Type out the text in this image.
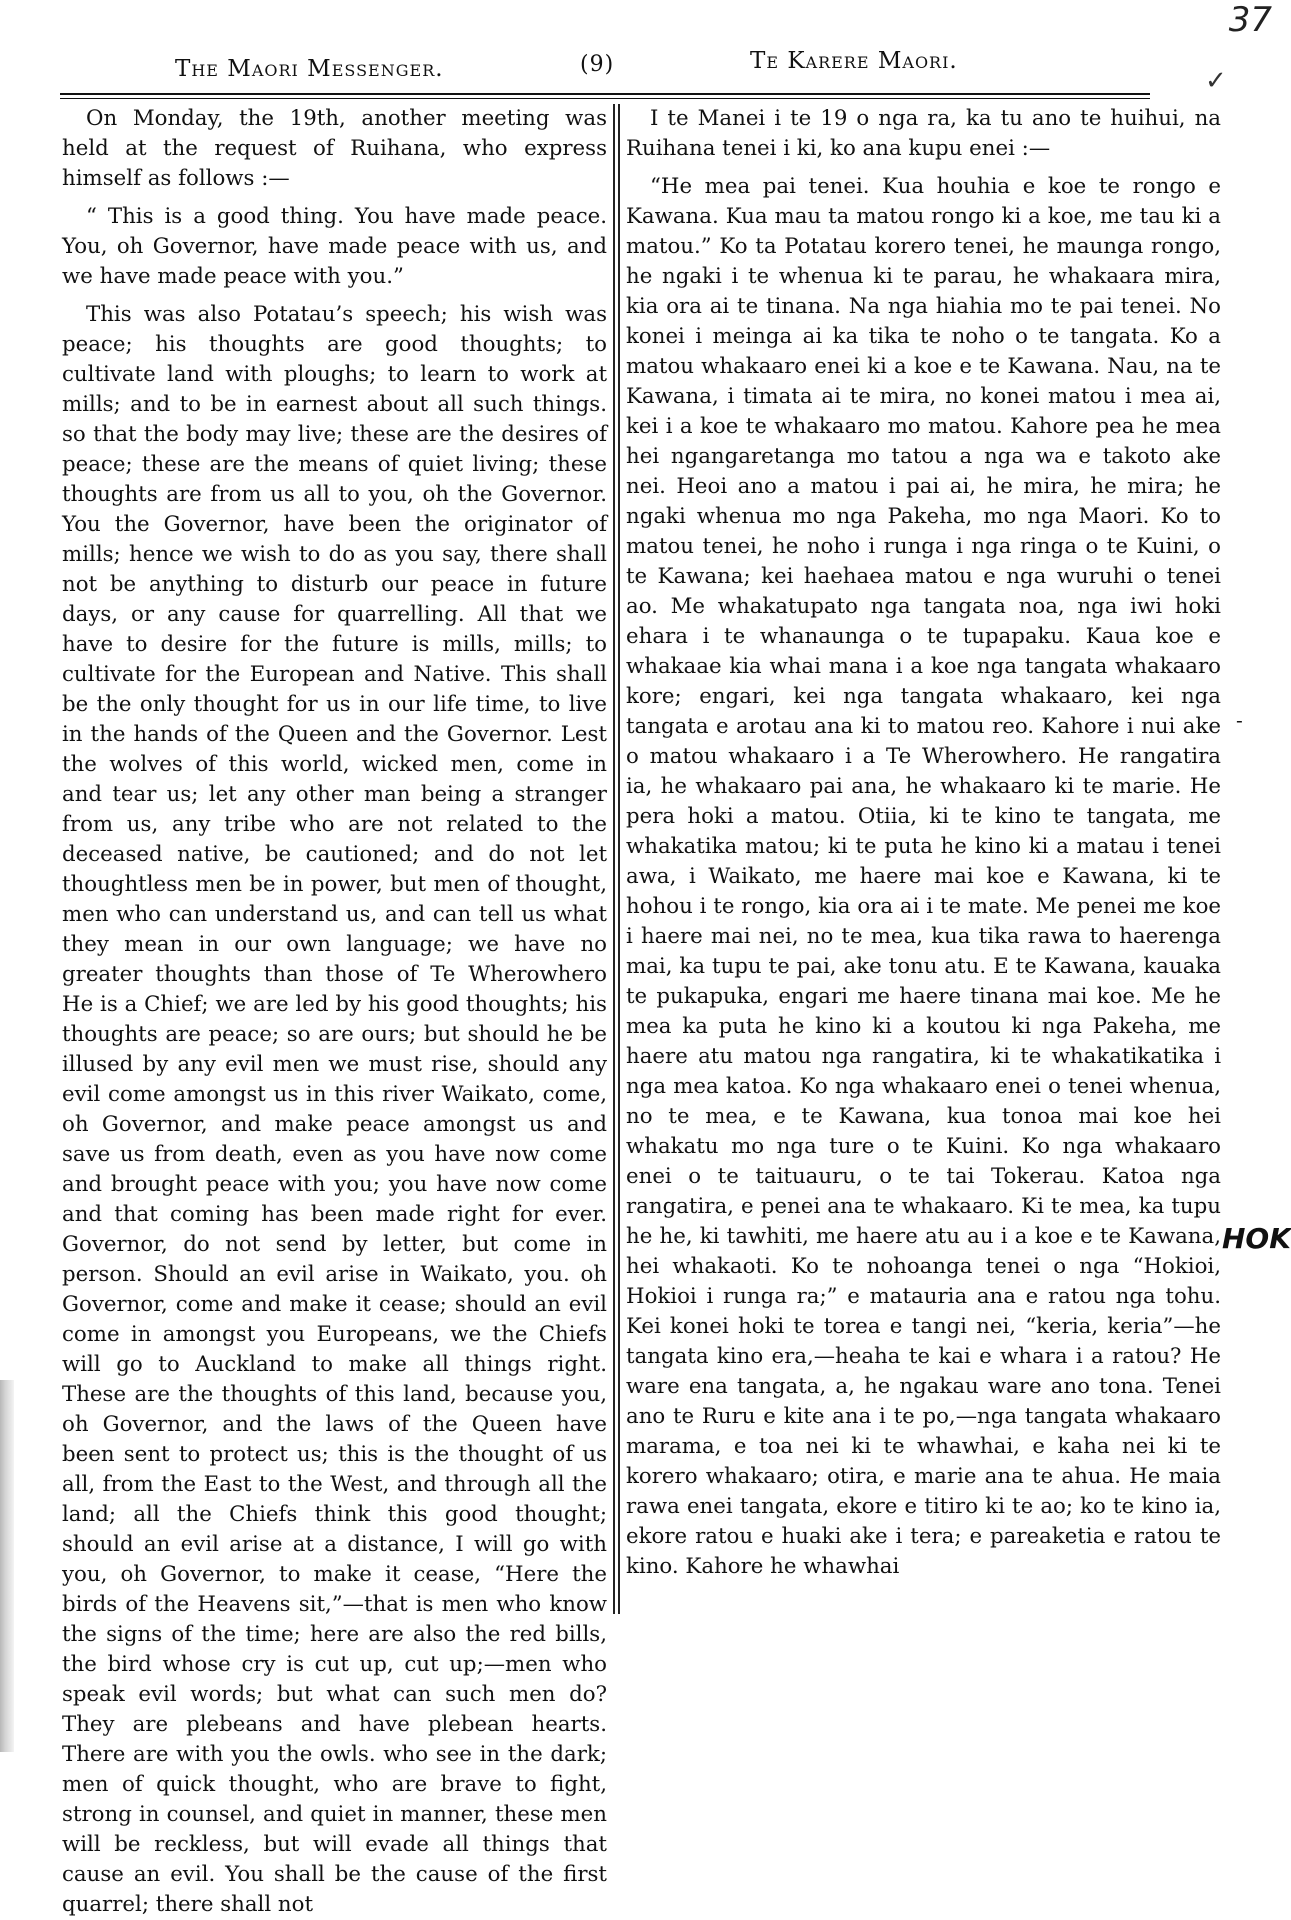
37
✓
The Maori Messenger.	(9)	Te Karere Maori.

On Monday, the 19th, another meeting was held at the request of Ruihana, who express himself as follows :—

“ This is a good thing. You have made peace. You, oh Governor, have made peace with us, and we have made peace with you.”

This was also Potatau’s speech; his wish was peace; his thoughts are good thoughts; to cultivate land with ploughs; to learn to work at mills; and to be in earnest about all such things. so that the body may live; these are the desires of peace; these are the means of quiet living; these thoughts are from us all to you, oh the Governor. You the Governor, have been the originator of mills; hence we wish to do as you say, there shall not be anything to disturb our peace in future days, or any cause for quarrelling. All that we have to desire for the future is mills, mills; to cultivate for the European and Native. This shall be the only thought for us in our life time, to live in the hands of the Queen and the Governor. Lest the wolves of this world, wicked men, come in and tear us; let any other man being a stranger from us, any tribe who are not related to the deceased native, be cautioned; and do not let thoughtless men be in power, but men of thought, men who can understand us, and can tell us what they mean in our own language; we have no greater thoughts than those of Te Wherowhero He is a Chief; we are led by his good thoughts; his thoughts are peace; so are ours; but should he be illused by any evil men we must rise, should any evil come amongst us in this river Waikato, come, oh Governor, and make peace amongst us and save us from death, even as you have now come and brought peace with you; you have now come and that coming has been made right for ever. Governor, do not send by letter, but come in person. Should an evil arise in Waikato, you. oh Governor, come and make it cease; should an evil come in amongst you Europeans, we the Chiefs will go to Auckland to make all things right. These are the thoughts of this land, because you, oh Governor, and the laws of the Queen have been sent to protect us; this is the thought of us all, from the East to the West, and through all the land; all the Chiefs think this good thought; should an evil arise at a distance, I will go with you, oh Governor, to make it cease, “Here the birds of the Heavens sit,”—that is men who know the signs of the time; here are also the red bills, the bird whose cry is cut up, cut up;—men who speak evil words; but what can such men do? They are plebeans and have plebean hearts. There are with you the owls. who see in the dark; men of quick thought, who are brave to fight, strong in counsel, and quiet in manner, these men will be reckless, but will evade all things that cause an evil. You shall be the cause of the first quarrel; there shall not

I te Manei i te 19 o nga ra, ka tu ano te huihui, na Ruihana tenei i ki, ko ana kupu enei :—

“He mea pai tenei. Kua houhia e koe te rongo e Kawana. Kua mau ta matou rongo ki a koe, me tau ki a matou.” Ko ta Potatau korero tenei, he maunga rongo, he ngaki i te whenua ki te parau, he whakaara mira, kia ora ai te tinana. Na nga hiahia mo te pai tenei. No konei i meinga ai ka tika te noho o te tangata. Ko a matou whakaaro enei ki a koe e te Kawana. Nau, na te Kawana, i timata ai te mira, no konei matou i mea ai, kei i a koe te whakaaro mo matou. Kahore pea he mea hei ngangaretanga mo tatou a nga wa e takoto ake nei. Heoi ano a matou i pai ai, he mira, he mira; he ngaki whenua mo nga Pakeha, mo nga Maori. Ko to matou tenei, he noho i runga i nga ringa o te Kuini, o te Kawana; kei haehaea matou e nga wuruhi o tenei ao. Me whakatupato nga tangata noa, nga iwi hoki ehara i te whanaunga o te tupapaku. Kaua koe e whakaae kia whai mana i a koe nga tangata whakaaro kore; engari, kei nga tangata whakaaro, kei nga tangata e arotau ana ki to matou reo. Kahore i nui ake o matou whakaaro i a Te Wherowhero. He rangatira ia, he whakaaro pai ana, he whakaaro ki te marie. He pera hoki a matou. Otiia, ki te kino te tangata, me whakatika matou; ki te puta he kino ki a matau i tenei awa, i Waikato, me haere mai koe e Kawana, ki te hohou i te rongo, kia ora ai i te mate. Me penei me koe i haere mai nei, no te mea, kua tika rawa to haerenga mai, ka tupu te pai, ake tonu atu. E te Kawana, kauaka te pukapuka, engari me haere tinana mai koe. Me he mea ka puta he kino ki a koutou ki nga Pakeha, me haere atu matou nga rangatira, ki te whakatikatika i nga mea katoa. Ko nga whakaaro enei o tenei whenua, no te mea, e te Kawana, kua tonoa mai koe hei whakatu mo nga ture o te Kuini. Ko nga whakaaro enei o te taituauru, o te tai Tokerau. Katoa nga rangatira, e penei ana te whakaaro. Ki te mea, ka tupu he he, ki tawhiti, me haere atu au i a koe e te Kawana, hei whakaoti. Ko te nohoanga tenei o nga “Hokioi, Hokioi i runga ra;” e matauria ana e ratou nga tohu. Kei konei hoki te torea e tangi nei, “keria, keria”—he tangata kino era,—heaha te kai e whara i a ratou? He ware ena tangata, a, he ngakau ware ano tona. Tenei ano te Ruru e kite ana i te po,—nga tangata whakaaro marama, e toa nei ki te whawhai, e kaha nei ki te korero whakaaro; otira, e marie ana te ahua. He maia rawa enei tangata, ekore e titiro ki te ao; ko te kino ia, ekore ratou e huaki ake i tera; e pareaketia e ratou te kino. Kahore he whawhai

-
HOK
